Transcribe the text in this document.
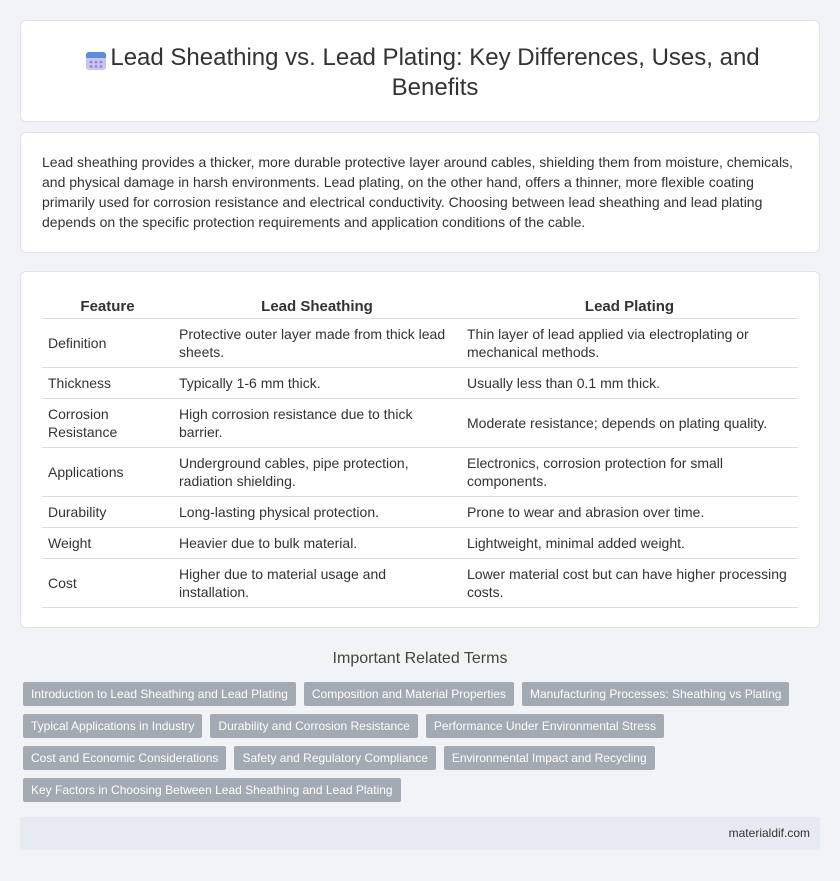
Lead Sheathing vs. Lead Plating: Key Differences, Uses, and Benefits

Lead sheathing provides a thicker, more durable protective layer around cables, shielding them from moisture, chemicals, and physical damage in harsh environments. Lead plating, on the other hand, offers a thinner, more flexible coating primarily used for corrosion resistance and electrical conductivity. Choosing between lead sheathing and lead plating depends on the specific protection requirements and application conditions of the cable.

Feature	Lead Sheathing	Lead Plating
Definition	Protective outer layer made from thick lead sheets.	Thin layer of lead applied via electroplating or mechanical methods.
Thickness	Typically 1-6 mm thick.	Usually less than 0.1 mm thick.
Corrosion Resistance	High corrosion resistance due to thick barrier.	Moderate resistance; depends on plating quality.
Applications	Underground cables, pipe protection, radiation shielding.	Electronics, corrosion protection for small components.
Durability	Long-lasting physical protection.	Prone to wear and abrasion over time.
Weight	Heavier due to bulk material.	Lightweight, minimal added weight.
Cost	Higher due to material usage and installation.	Lower material cost but can have higher processing costs.
Important Related Terms
Introduction to Lead Sheathing and Lead Plating	Composition and Material Properties	Manufacturing Processes: Sheathing vs Plating
Typical Applications in Industry	Durability and Corrosion Resistance	Performance Under Environmental Stress
Cost and Economic Considerations	Safety and Regulatory Compliance	Environmental Impact and Recycling
Key Factors in Choosing Between Lead Sheathing and Lead Plating
materialdif.com
